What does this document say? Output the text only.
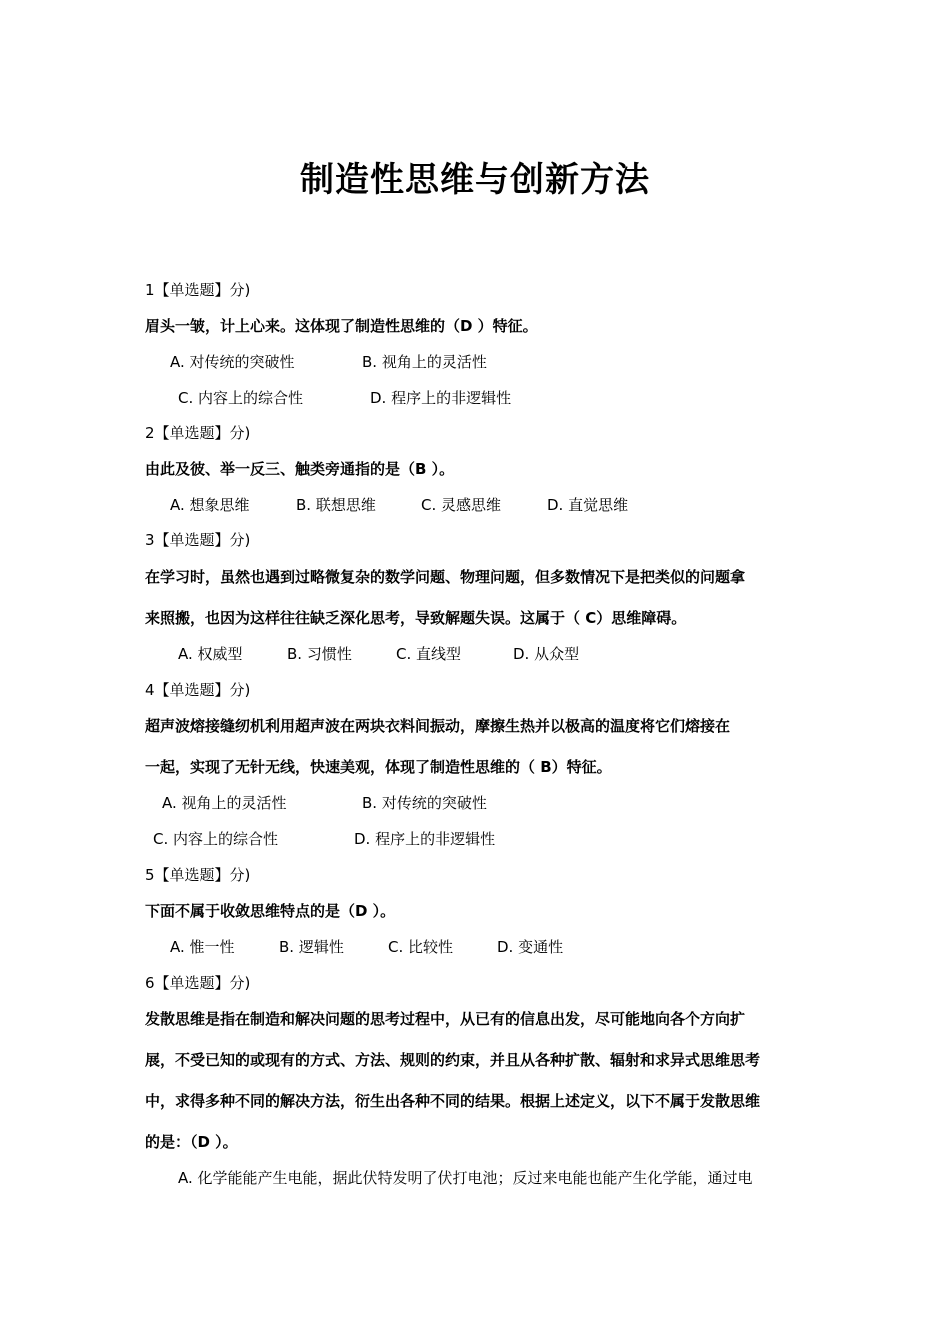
制造性思维与创新方法
1【单选题】分)
眉头一皱，计上心来。这体现了制造性思维的（D ）特征。
A. 对传统的突破性	B. 视角上的灵活性
C. 内容上的综合性	D. 程序上的非逻辑性
2【单选题】分)
由此及彼、举一反三、触类旁通指的是（B ）。
A. 想象思维	B. 联想思维	C. 灵感思维	D. 直觉思维
3【单选题】分)
在学习时，虽然也遇到过略微复杂的数学问题、物理问题，但多数情况下是把类似的问题拿
来照搬，也因为这样往往缺乏深化思考，导致解题失误。这属于（ C）思维障碍。
A. 权威型	B. 习惯性	C. 直线型	D. 从众型
4【单选题】分)
超声波熔接缝纫机利用超声波在两块衣料间振动，摩擦生热并以极高的温度将它们熔接在
一起，实现了无针无线，快速美观，体现了制造性思维的（ B）特征。
A. 视角上的灵活性	B. 对传统的突破性
C. 内容上的综合性	D. 程序上的非逻辑性
5【单选题】分)
下面不属于收敛思维特点的是（D ）。
A. 惟一性	B. 逻辑性	C. 比较性	D. 变通性
6【单选题】分)
发散思维是指在制造和解决问题的思考过程中，从已有的信息出发，尽可能地向各个方向扩
展，不受已知的或现有的方式、方法、规则的约束，并且从各种扩散、辐射和求异式思维思考
中，求得多种不同的解决方法，衍生出各种不同的结果。根据上述定义，以下不属于发散思维
的是：（D ）。
A. 化学能能产生电能，据此伏特发明了伏打电池；反过来电能也能产生化学能，通过电
